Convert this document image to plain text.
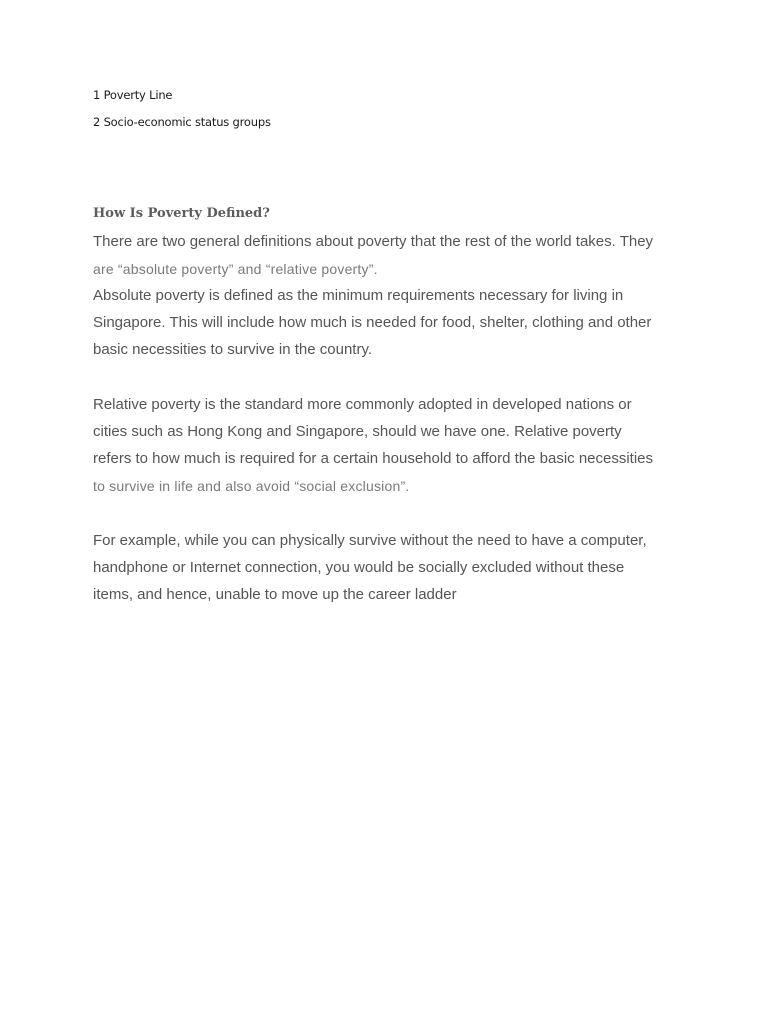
1 Poverty Line

2 Socio-economic status groups

How Is Poverty Defined?

There are two general definitions about poverty that the rest of the world takes. They

are “absolute poverty” and “relative poverty”.

Absolute poverty is defined as the minimum requirements necessary for living in

Singapore. This will include how much is needed for food, shelter, clothing and other

basic necessities to survive in the country.

Relative poverty is the standard more commonly adopted in developed nations or

cities such as Hong Kong and Singapore, should we have one. Relative poverty

refers to how much is required for a certain household to afford the basic necessities

to survive in life and also avoid “social exclusion”.

For example, while you can physically survive without the need to have a computer,

handphone or Internet connection, you would be socially excluded without these

items, and hence, unable to move up the career ladder
